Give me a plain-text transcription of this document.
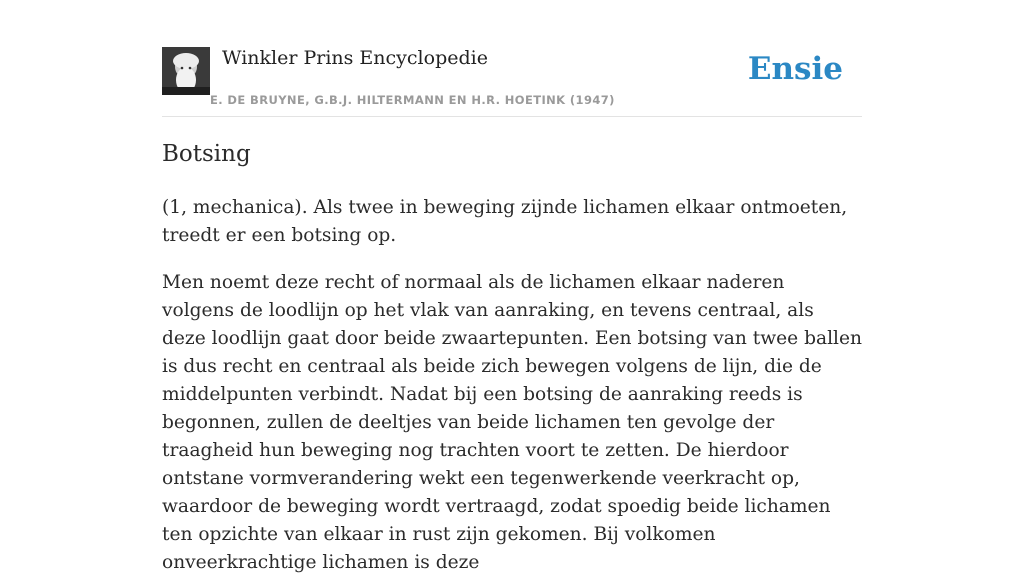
Winkler Prins Encyclopedie
E. DE BRUYNE, G.B.J. HILTERMANN EN H.R. HOETINK (1947)
Ensie
Botsing

(1, mechanica). Als twee in beweging zijnde lichamen elkaar ontmoeten, treedt er een botsing op.

Men noemt deze recht of normaal als de lichamen elkaar naderen volgens de loodlijn op het vlak van aanraking, en tevens centraal, als deze loodlijn gaat door beide zwaartepunten. Een botsing van twee ballen is dus recht en centraal als beide zich bewegen volgens de lijn, die de middelpunten verbindt. Nadat bij een botsing de aanraking reeds is begonnen, zullen de deeltjes van beide lichamen ten gevolge der traagheid hun beweging nog trachten voort te zetten. De hierdoor ontstane vormverandering wekt een tegenwerkende veerkracht op, waardoor de beweging wordt vertraagd, zodat spoedig beide lichamen ten opzichte van elkaar in rust zijn gekomen. Bij volkomen onveerkrachtige lichamen is deze
